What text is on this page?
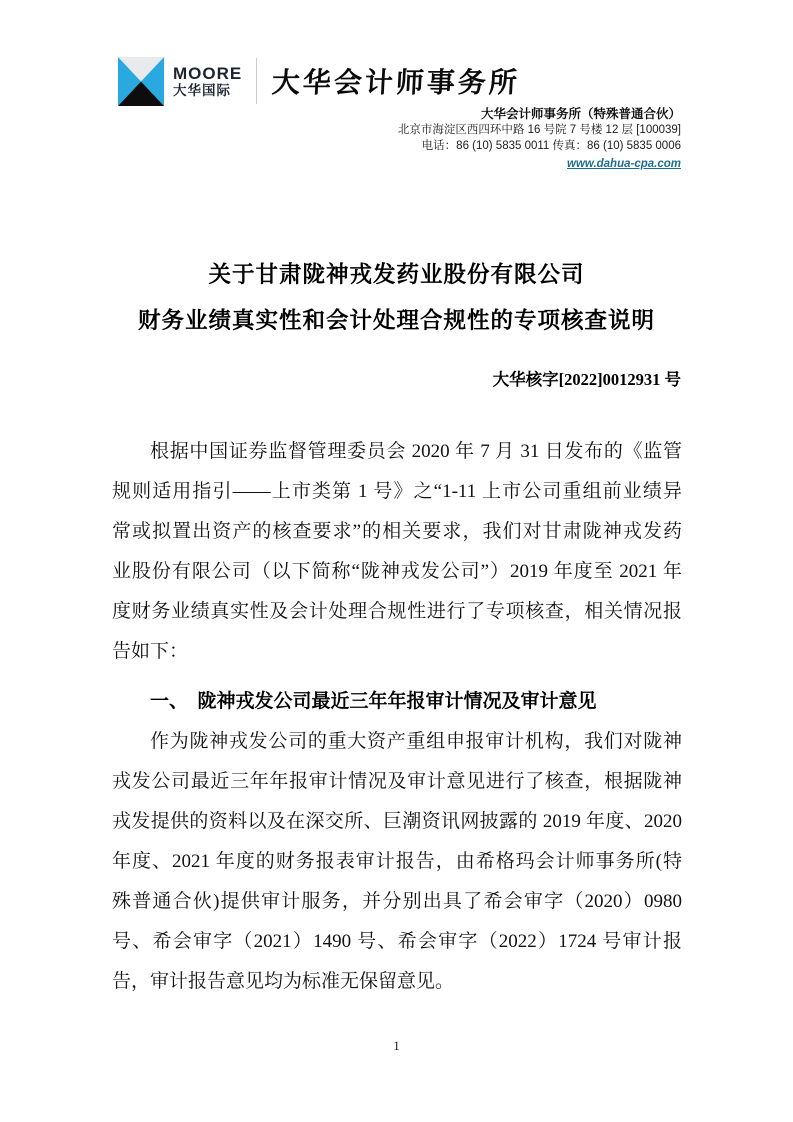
MOORE
大华国际	大华会计师事务所
大华会计师事务所（特殊普通合伙）
北京市海淀区西四环中路 16 号院 7 号楼 12 层 [100039]
电话：86 (10) 5835 0011 传真：86 (10) 5835 0006
www.dahua-cpa.com
关于甘肃陇神戎发药业股份有限公司
财务业绩真实性和会计处理合规性的专项核查说明
大华核字[2022]0012931 号
根据中国证券监督管理委员会 2020 年 7 月 31 日发布的《监管
规则适用指引——上市类第 1 号》之“1-11 上市公司重组前业绩异
常或拟置出资产的核查要求”的相关要求，我们对甘肃陇神戎发药
业股份有限公司（以下简称“陇神戎发公司”）2019 年度至 2021 年
度财务业绩真实性及会计处理合规性进行了专项核查，相关情况报
告如下：
一、　陇神戎发公司最近三年年报审计情况及审计意见
作为陇神戎发公司的重大资产重组申报审计机构，我们对陇神
戎发公司最近三年年报审计情况及审计意见进行了核查，根据陇神
戎发提供的资料以及在深交所、巨潮资讯网披露的 2019 年度、2020
年度、2021 年度的财务报表审计报告，由希格玛会计师事务所(特
殊普通合伙)提供审计服务，并分别出具了希会审字（2020）0980
号、希会审字（2021）1490 号、希会审字（2022）1724 号审计报
告，审计报告意见均为标准无保留意见。
1
